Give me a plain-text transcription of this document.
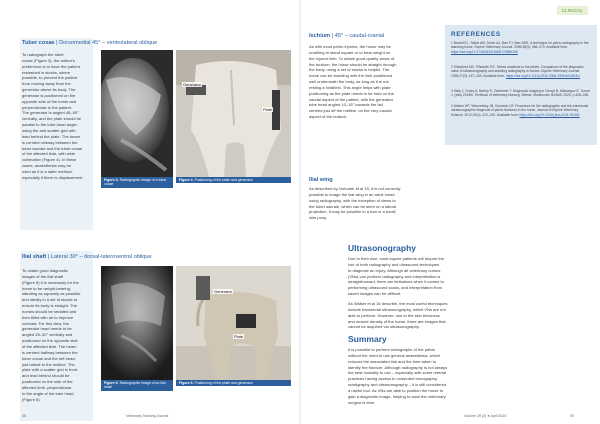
CLINICAL
Tuber coxae | Dorsomedial 45° – ventrolateral oblique
To radiograph the tuber
coxae (Figure 3), the author's
preference is to have the patient
restrained in stocks, where
possible, to prevent the patient
from moving away from the
generator above its body. The
generator is positioned on the
opposite side of the horse and
perpendicular to the patient.
The generator is angled 45–50°
ventrally, and the plate should be
parallel to the tube-head angle,
using the anti-scatter grid with
lead behind the plate. The beam
is centred midway between the
tuber sacrale and the tuber coxae
of the affected limb, with wide
collimation (Figure 4). In these
cases, anaesthesia may be
used as it is a safer method,
especially if there is displacement
Figure 3. Radiographic image of a tuber coxae
Generator
Plate
Figure 4. Positioning of the plate and generator
Ischium | 45° – caudal-cranial
As with most pelvic injuries, the horse may be
unwilling to stand square or to bear weight on
the injured limb. To obtain good-quality views of
the ischium, the horse should be straight through
the body, using a set of stocks is helpful. The
horse can be standing with the limb positioned
well underneath the body, as long as it is not
resting a hindlimb. This angle helps with plate
positioning as the plate needs to be held on the
caudal aspect of the patient, with the generator
tube head angled 10–15° towards the tail,
centred just off the midline, on the very caudal
aspect of the buttock.
Ilial wing
As described by Geburek et al 15, it is not currently
possible to image the ilial wing in an adult horse
using radiography, with the exception of views to
the tuber sacrale, which can be seen on a lateral
projection. It may be possible in a foal or a small,
slim pony.
REFERENCES
1 Barrett EL, Talbot AM, Driver AJ, Barr FJ, Barr ARS. A technique for pelvic radiography in the standing horse. Equine Veterinary Journal. 2006;38(3): 266–270. Available from: https://doi.org/10.2746/042516406776866408
2 Shepherd MC, Pilsworth RC. Stress reactions to the pelvis. Comparison of the diagnostic value of ultrasonography and standing radiography in horses. Equine Veterinary Journal. 1995;27(3): 147–153. Available from: https://doi.org/10.1111/j.2042-3306.1995.tb04918.x
3 Sisty J, Gorey A, Barrey R, Zwemmer T. Diagnostic imaging in Ceropt B, Mistovigov E, Turner J, (eds) 2014th. Textbook of Veterinary Nursing. Wiesel, Mursucolm: BSAVA; 2020. p 428–435.
4 Walker WT, Wenneberg JB, Goodrich LR. Procedure for the radiographic and the transrectal ultrasonographic diagnosis of pelvic fractures in the horse. Journal of Equine Veterinary Science. 2012;32(4): 222–230. Available from: https://doi.org/10.1016/j.jevs.2011.09.061
Ilial shaft | Lateral 30° – dorsal-lateroventral oblique
To obtain good diagnostic
images of the ilial shaft
(Figure 5) it is necessary for the
horse to be weight-bearing,
standing as squarely as possible
and ideally in a set of stocks to
ensure its body is straight. The
horses should be sedated and
then filled with air to improve
contrast. For this view, the
generator head needs to be
angled 25–30° ventrally and
positioned on the opposite side
of the affected limb. The beam
is centred halfway between the
tuber coxae and the tuft head,
just lateral to the midline. The
plate with a scatter grid in front
and lead behind should be
positioned on the side of the
affected limb, perpendicular
to the angle of the tube head
(Figure 6).
Figure 5. Radiographic image of an ilial shaft
Generator
Plate
Figure 6. Positioning of the plate and generator
Ultrasonography
Due to their size, most equine patients will require the
use of both radiography and ultrasound techniques
to diagnose an injury. Although all veterinary nurses
(VNs) can perform radiography and interpretation is
straightforward, there are limitations when it comes to
performing ultrasound scans, and interpretation from
saved images can be difficult.
As Walker et al 16 describe, the most useful techniques
include transrectal ultrasonography, which VNs are not
able to perform. However, due to the skin thickness
and muscle density of the horse, there are images that
cannot be acquired via ultrasonography.
Summary
It is possible to perform radiographs of the pelvis
without the need to use general anaesthesia, which
reduces the associated risk and the time taken to
identify the fracture. Although radiography is not always
the best modality to use – especially with some referral
practices having access to computed tomography,
scintigraphy and ultrasonography – it is still considered
a useful tool. As VNs are able to position the horse to
gain a diagnostic image, helping to save the veterinary
surgeon's time.
38	Veterinary Nursing Journal	Volume 39 (2) ● April 2024	39
